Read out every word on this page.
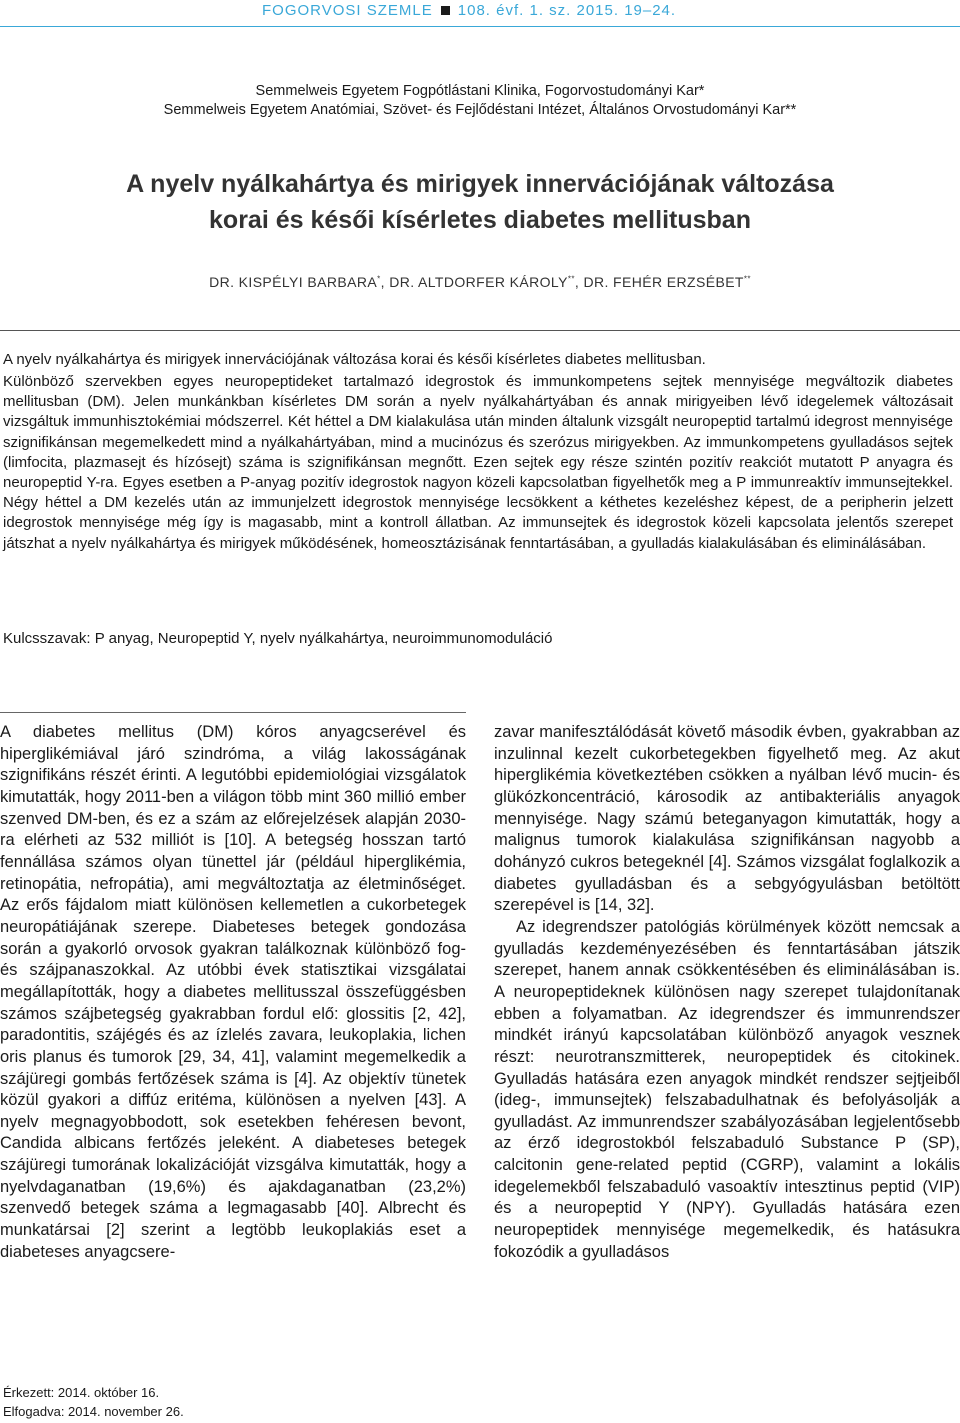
FOGORVOSI SZEMLE 108. évf. 1. sz. 2015. 19–24.
Semmelweis Egyetem Fogpótlástani Klinika, Fogorvostudományi Kar*
Semmelweis Egyetem Anatómiai, Szövet- és Fejlődéstani Intézet, Általános Orvostudományi Kar**
A nyelv nyálkahártya és mirigyek innervációjának változása
korai és késői kísérletes diabetes mellitusban
DR. KISPÉLYI BARBARA*, DR. ALTDORFER KÁROLY**, DR. FEHÉR ERZSÉBET**
A nyelv nyálkahártya és mirigyek innervációjának változása korai és késői kísérletes diabetes mellitusban.
Különböző szervekben egyes neuropeptideket tartalmazó idegrostok és immunkompetens sejtek mennyisége megváltozik diabetes mellitusban (DM). Jelen munkánkban kísérletes DM során a nyelv nyálkahártyában és annak mirigyeiben lévő idegelemek változásait vizsgáltuk immunhisztokémiai módszerrel. Két héttel a DM kialakulása után minden általunk vizsgált neuropeptid tartalmú idegrost mennyisége szignifikánsan megemelkedett mind a nyálkahártyában, mind a mucinózus és szerózus mirigyekben. Az immunkompetens gyulladásos sejtek (limfocita, plazmasejt és hízósejt) száma is szignifikánsan megnőtt. Ezen sejtek egy része szintén pozitív reakciót mutatott P anyagra és neuropeptid Y-ra. Egyes esetben a P-anyag pozitív idegrostok nagyon közeli kapcsolatban figyelhetők meg a P immunreaktív immunsejtekkel. Négy héttel a DM kezelés után az immunjelzett idegrostok mennyisége lecsökkent a kéthetes kezeléshez képest, de a peripherin jelzett idegrostok mennyisége még így is magasabb, mint a kontroll állatban. Az immunsejtek és idegrostok közeli kapcsolata jelentős szerepet játszhat a nyelv nyálkahártya és mirigyek működésének, homeosztázisának fenntartásában, a gyulladás kialakulásában és eliminálásában.
Kulcsszavak: P anyag, Neuropeptid Y, nyelv nyálkahártya, neuroimmunomoduláció

A diabetes mellitus (DM) kóros anyagcserével és hiperglikémiával járó szindróma, a világ lakosságának szignifikáns részét érinti. A legutóbbi epidemiológiai vizsgálatok kimutatták, hogy 2011-ben a világon több mint 360 millió ember szenved DM-ben, és ez a szám az előrejelzések alapján 2030-ra elérheti az 532 milliót is [10]. A betegség hosszan tartó fennállása számos olyan tünettel jár (például hiperglikémia, retinopátia, nefropátia), ami megváltoztatja az életminőséget. Az erős fájdalom miatt különösen kellemetlen a cukorbetegek neuropátiájának szerepe. Diabeteses betegek gondozása során a gyakorló orvosok gyakran találkoznak különböző fog- és szájpanaszokkal. Az utóbbi évek statisztikai vizsgálatai megállapították, hogy a diabetes mellitusszal összefüggésben számos szájbetegség gyakrabban fordul elő: glossitis [2, 42], paradontitis, szájégés és az ízlelés zavara, leukoplakia, lichen oris planus és tumorok [29, 34, 41], valamint megemelkedik a szájüregi gombás fertőzések száma is [4]. Az objektív tünetek közül gyakori a diffúz eritéma, különösen a nyelven [43]. A nyelv megnagyobbodott, sok esetekben fehéresen bevont, Candida albicans fertőzés jeleként. A diabeteses betegek szájüregi tumorának lokalizációját vizsgálva kimutatták, hogy a nyelvdaganatban (19,6%) és ajakdaganatban (23,2%) szenvedő betegek száma a legmagasabb [40]. Albrecht és munkatársai [2] szerint a legtöbb leukoplakiás eset a diabeteses anyagcsere-

zavar manifesztálódását követő második évben, gyakrabban az inzulinnal kezelt cukorbetegekben figyelhető meg. Az akut hiperglikémia következtében csökken a nyálban lévő mucin- és glükózkoncentráció, károsodik az antibakteriális anyagok mennyisége. Nagy számú beteganyagon kimutatták, hogy a malignus tumorok kialakulása szignifikánsan nagyobb a dohányzó cukros betegeknél [4]. Számos vizsgálat foglalkozik a diabetes gyulladásban és a sebgyógyulásban betöltött szerepével is [14, 32].

Az idegrendszer patológiás körülmények között nemcsak a gyulladás kezdeményezésében és fenntartásában játszik szerepet, hanem annak csökkentésében és eliminálásában is. A neuropeptideknek különösen nagy szerepet tulajdonítanak ebben a folyamatban. Az idegrendszer és immunrendszer mindkét irányú kapcsolatában különböző anyagok vesznek részt: neurotranszmitterek, neuropeptidek és citokinek. Gyulladás hatására ezen anyagok mindkét rendszer sejtjeiből (ideg-, immunsejtek) felszabadulhatnak és befolyásolják a gyulladást. Az immunrendszer szabályozásában legjelentősebb az érző idegrostokból felszabaduló Substance P (SP), calcitonin gene-related peptid (CGRP), valamint a lokális idegelemekből felszabaduló vasoaktív intesztinus peptid (VIP) és a neuropeptid Y (NPY). Gyulladás hatására ezen neuropeptidek mennyisége megemelkedik, és hatásukra fokozódik a gyulladásos

Érkezett: 2014. október 16.
Elfogadva: 2014. november 26.
